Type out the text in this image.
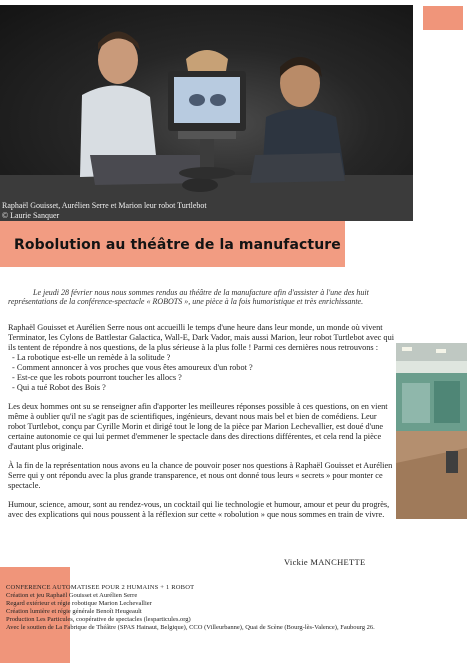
Raphaël Gouisset, Aurélien Serre et Marion leur robot Turtlebot
© Laurie Sanquer
Robolution au théâtre de la manufacture
Le jeudi 28 février nous nous sommes rendus au théâtre de la manufacture afin d'assister à l'une des huit représentations de la conférence-spectacle « ROBOTS », une pièce à la fois humoristique et très enrichissante.

Raphaël Gouisset et Aurélien Serre nous ont accueilli le temps d'une heure dans leur monde, un monde où vivent Terminator, les Cylons de Battlestar Galactica, Wall-E, Dark Vador, mais aussi Marion, leur robot Turtlebot avec qui ils tentent de répondre à nos questions, de la plus sérieuse à la plus folle ! Parmi ces dernières nous retrouvons :

- La robotique est-elle un remède à la solitude ?
- Comment annoncer à vos proches que vous êtes amoureux d'un robot ?
- Est-ce que les robots pourront toucher les allocs ?
- Qui a tué Robot des Bois ?

Les deux hommes ont su se renseigner afin d'apporter les meilleures réponses possible à ces questions, on en vient même à oublier qu'il ne s'agit pas de scientifiques, ingénieurs, devant nous mais bel et bien de comédiens. Leur robot Turtlebot, conçu par Cyrille Morin et dirigé tout le long de la pièce par Marion Lechevallier, est doué d'une certaine autonomie ce qui lui permet d'emmener le spectacle dans des directions différentes, et cela rend la pièce d'autant plus originale.

À la fin de la représentation nous avons eu la chance de pouvoir poser nos questions à Raphaël Gouisset et Aurélien Serre qui y ont répondu avec la plus grande transparence, et nous ont donné tous leurs « secrets » pour monter ce spectacle.

Humour, science, amour, sont au rendez-vous, un cocktail qui lie technologie et humour, amour et peur du progrès, avec des explications qui nous poussent à la réflexion sur cette « robolution » que nous sommes en train de vivre.

Vickie MANCHETTE
CONFERENCE AUTOMATISEE POUR 2 HUMAINS + 1 ROBOT
Création et jeu Raphaël Gouisset et Aurélien Serre
Regard extérieur et régie robotique Marion Lechevallier
Création lumière et régie générale Benoît Heugeault
Production Les Particules, coopérative de spectacles (lesparticules.org)
Avec le soutien de La Fabrique de Théâtre (SPAS Hainaut, Belgique), CCO (Villeurbanne), Quai de Scène (Bourg-lès-Valence), Faubourg 26.
